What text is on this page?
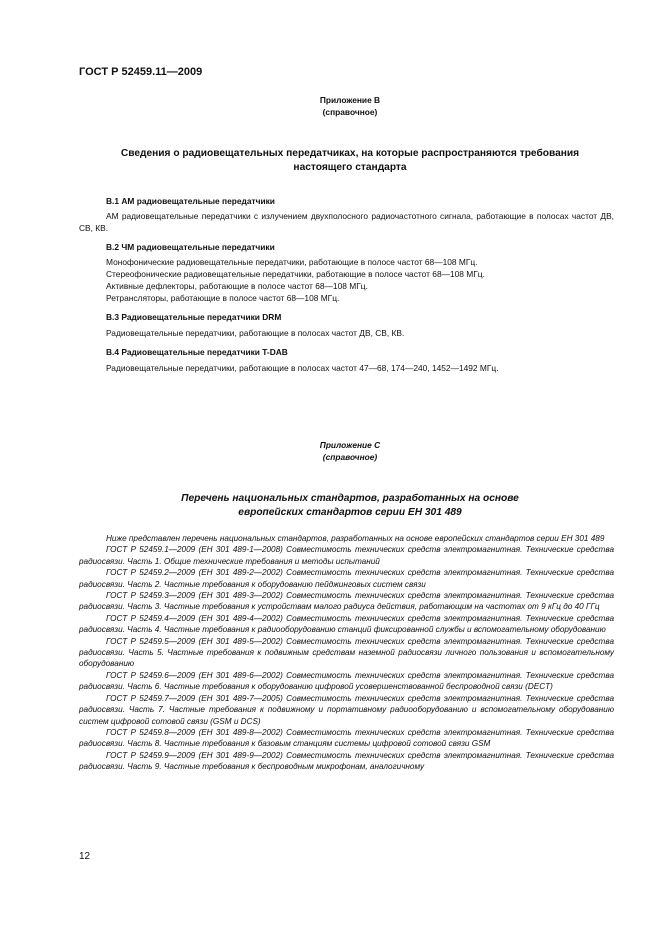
ГОСТ Р 52459.11—2009
Приложение В
(справочное)
Сведения о радиовещательных передатчиках, на которые распространяются требования
настоящего стандарта
В.1 АМ радиовещательные передатчики
АМ радиовещательные передатчики с излучением двухполосного радиочастотного сигнала, работающие в полосах частот ДВ, СВ, КВ.
В.2 ЧМ радиовещательные передатчики
Монофонические радиовещательные передатчики, работающие в полосе частот 68—108 МГц.
Стереофонические радиовещательные передатчики, работающие в полосе частот 68—108 МГц.
Активные дефлекторы, работающие в полосе частот 68—108 МГц.
Ретрансляторы, работающие в полосе частот 68—108 МГц.
В.3 Радиовещательные передатчики DRM
Радиовещательные передатчики, работающие в полосах частот ДВ, СВ, КВ.
В.4 Радиовещательные передатчики T-DAB
Радиовещательные передатчики, работающие в полосах частот 47—68, 174—240, 1452—1492 МГц.
Приложение С
(справочное)
Перечень национальных стандартов, разработанных на основе
европейских стандартов серии ЕН 301 489
Ниже представлен перечень национальных стандартов, разработанных на основе европейских стандартов серии ЕН 301 489
ГОСТ Р 52459.1—2009 (ЕН 301 489-1—2008) Совместимость технических средств электромагнитная. Технические средства радиосвязи. Часть 1. Общие технические требования и методы испытаний
ГОСТ Р 52459.2—2009 (ЕН 301 489-2—2002) Совместимость технических средств электромагнитная. Технические средства радиосвязи. Часть 2. Частные требования к оборудованию пейджинговых систем связи
ГОСТ Р 52459.3—2009 (ЕН 301 489-3—2002) Совместимость технических средств электромагнитная. Технические средства радиосвязи. Часть 3. Частные требования к устройствам малого радиуса действия, работающим на частотах от 9 кГц до 40 ГГц
ГОСТ Р 52459.4—2009 (ЕН 301 489-4—2002) Совместимость технических средств электромагнитная. Технические средства радиосвязи. Часть 4. Частные требования к радиооборудованию станций фиксированной службы и вспомогательному оборудованию
ГОСТ Р 52459.5—2009 (ЕН 301 489-5—2002) Совместимость технических средств электромагнитная. Технические средства радиосвязи. Часть 5. Частные требования к подвижным средствам наземной радиосвязи личного пользования и вспомогательному оборудованию
ГОСТ Р 52459.6—2009 (ЕН 301 489-6—2002) Совместимость технических средств электромагнитная. Технические средства радиосвязи. Часть 6. Частные требования к оборудованию цифровой усовершенствованной беспроводной связи (DECT)
ГОСТ Р 52459.7—2009 (ЕН 301 489-7—2005) Совместимость технических средств электромагнитная. Технические средства радиосвязи. Часть 7. Частные требования к подвижному и портативному радиооборудованию и вспомогательному оборудованию систем цифровой сотовой связи (GSM и DCS)
ГОСТ Р 52459.8—2009 (ЕН 301 489-8—2002) Совместимость технических средств электромагнитная. Технические средства радиосвязи. Часть 8. Частные требования к базовым станциям системы цифровой сотовой связи GSM
ГОСТ Р 52459.9—2009 (ЕН 301 489-9—2002) Совместимость технических средств электромагнитная. Технические средства радиосвязи. Часть 9. Частные требования к беспроводным микрофонам, аналогичному
12
